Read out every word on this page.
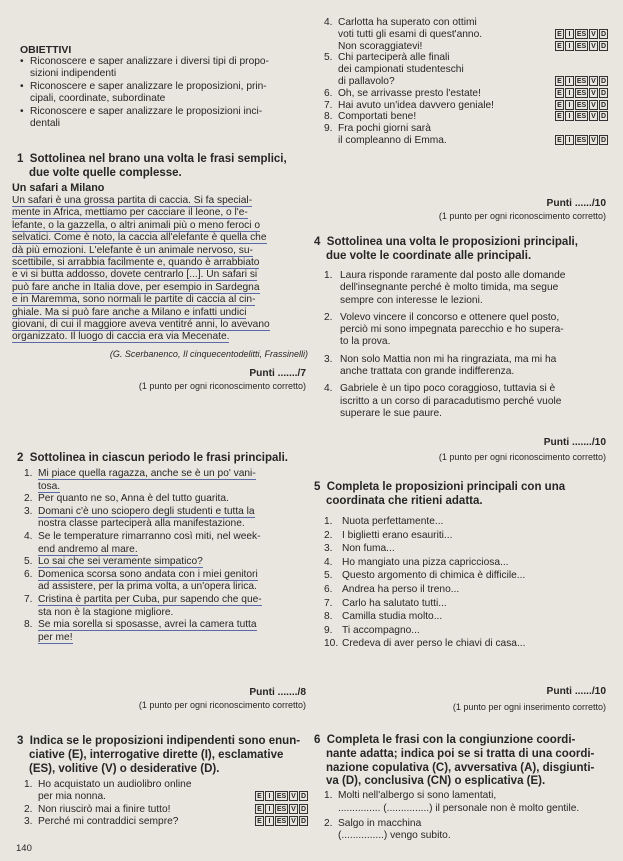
OBIETTIVI
• Riconoscere e saper analizzare i diversi tipi di propo-
sizioni indipendenti
• Riconoscere e saper analizzare le proposizioni, prin-
cipali, coordinate, subordinate
• Riconoscere e saper analizzare le proposizioni inci-
dentali
1 Sottolinea nel brano una volta le frasi semplici,
due volte quelle complesse.
Un safari a Milano
Un safari è una grossa partita di caccia. Si fa special-
mente in Africa, mettiamo per cacciare il leone, o l'e-
lefante, o la gazzella, o altri animali più o meno feroci o
selvatici. Come è noto, la caccia all'elefante è quella che
dà più emozioni. L'elefante è un animale nervoso, su-
scettibile, si arrabbia facilmente e, quando è arrabbiato
e vi si butta addosso, dovete centrarlo [...]. Un safari si
può fare anche in Italia dove, per esempio in Sardegna
e in Maremma, sono normali le partite di caccia al cin-
ghiale. Ma si può fare anche a Milano e infatti undici
giovani, di cui il maggiore aveva ventitré anni, lo avevano
organizzato. Il luogo di caccia era via Mecenate.
(G. Scerbanenco, Il cinquecentodelitti, Frassinelli)
Punti ......./7
(1 punto per ogni riconoscimento corretto)
2 Sottolinea in ciascun periodo le frasi principali.
1. Mi piace quella ragazza, anche se è un po' vani-
tosa.
2. Per quanto ne so, Anna è del tutto guarita.
3. Domani c'è uno sciopero degli studenti e tutta la
nostra classe parteciperà alla manifestazione.
4. Se le temperature rimarranno così miti, nel week-
end andremo al mare.
5. Lo sai che sei veramente simpatico?
6. Domenica scorsa sono andata con i miei genitori
ad assistere, per la prima volta, a un'opera lirica.
7. Cristina è partita per Cuba, pur sapendo che que-
sta non è la stagione migliore.
8. Se mia sorella si sposasse, avrei la camera tutta
per me!
Punti ......./8
(1 punto per ogni riconoscimento corretto)
3 Indica se le proposizioni indipendenti sono enun-
ciative (E), interrogative dirette (I), esclamative
(ES), volitive (V) o desiderative (D).
1. Ho acquistato un audiolibro online
per mia nonna.	E I ES V D
2. Non riuscirò mai a finire tutto!	E I ES V D
3. Perché mi contraddici sempre?	E I ES V D
140
4. Carlotta ha superato con ottimi
voti tutti gli esami di quest'anno.	E I ES V D
Non scoraggiatevi!	E I ES V D
5. Chi parteciperà alle finali
dei campionati studenteschi
di pallavolo?	E I ES V D
6. Oh, se arrivasse presto l'estate!	E I ES V D
7. Hai avuto un'idea davvero geniale!	E I ES V D
8. Comportati bene!	E I ES V D
9. Fra pochi giorni sarà
il compleanno di Emma.	E I ES V D
Punti ....../10
(1 punto per ogni riconoscimento corretto)
4 Sottolinea una volta le proposizioni principali,
due volte le coordinate alle principali.
1. Laura risponde raramente dal posto alle domande
dell'insegnante perché è molto timida, ma segue
sempre con interesse le lezioni.
2. Volevo vincere il concorso e ottenere quel posto,
perciò mi sono impegnata parecchio e ho supera-
to la prova.
3. Non solo Mattia non mi ha ringraziata, ma mi ha
anche trattata con grande indifferenza.
4. Gabriele è un tipo poco coraggioso, tuttavia si è
iscritto a un corso di paracadutismo perché vuole
superare le sue paure.
Punti ......./10
(1 punto per ogni riconoscimento corretto)
5 Completa le proposizioni principali con una
coordinata che ritieni adatta.
1. Nuota perfettamente...
2. I biglietti erano esauriti...
3. Non fuma...
4. Ho mangiato una pizza capricciosa...
5. Questo argomento di chimica è difficile...
6. Andrea ha perso il treno...
7. Carlo ha salutato tutti...
8. Camilla studia molto...
9. Ti accompagno...
10. Credeva di aver perso le chiavi di casa...
Punti ....../10
(1 punto per ogni inserimento corretto)
6 Completa le frasi con la congiunzione coordi-
nante adatta; indica poi se si tratta di una coordi-
nazione copulativa (C), avversativa (A), disgiunti-
va (D), conclusiva (CN) o esplicativa (E).
1. Molti nell'albergo si sono lamentati,
............... (...............) il personale non è molto gentile.
2. Salgo in macchina
(...............) vengo subito.
